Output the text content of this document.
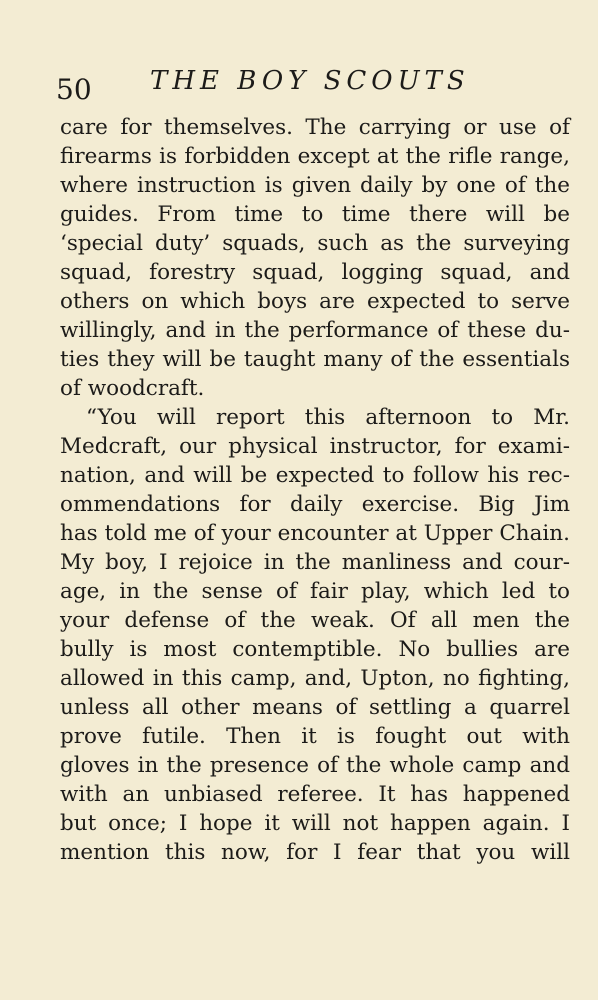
50 THE BOY SCOUTS
care for themselves. The carrying or use of
firearms is forbidden except at the rifle range,
where instruction is given daily by one of the
guides. From time to time there will be
‘special duty’ squads, such as the surveying
squad, forestry squad, logging squad, and
others on which boys are expected to serve
willingly, and in the performance of these du-
ties they will be taught many of the essentials
of woodcraft.
“You will report this afternoon to Mr.
Medcraft, our physical instructor, for exami-
nation, and will be expected to follow his rec-
ommendations for daily exercise. Big Jim
has told me of your encounter at Upper Chain.
My boy, I rejoice in the manliness and cour-
age, in the sense of fair play, which led to
your defense of the weak. Of all men the
bully is most contemptible. No bullies are
allowed in this camp, and, Upton, no fighting,
unless all other means of settling a quarrel
prove futile. Then it is fought out with
gloves in the presence of the whole camp and
with an unbiased referee. It has happened
but once; I hope it will not happen again. I
mention this now, for I fear that you will
